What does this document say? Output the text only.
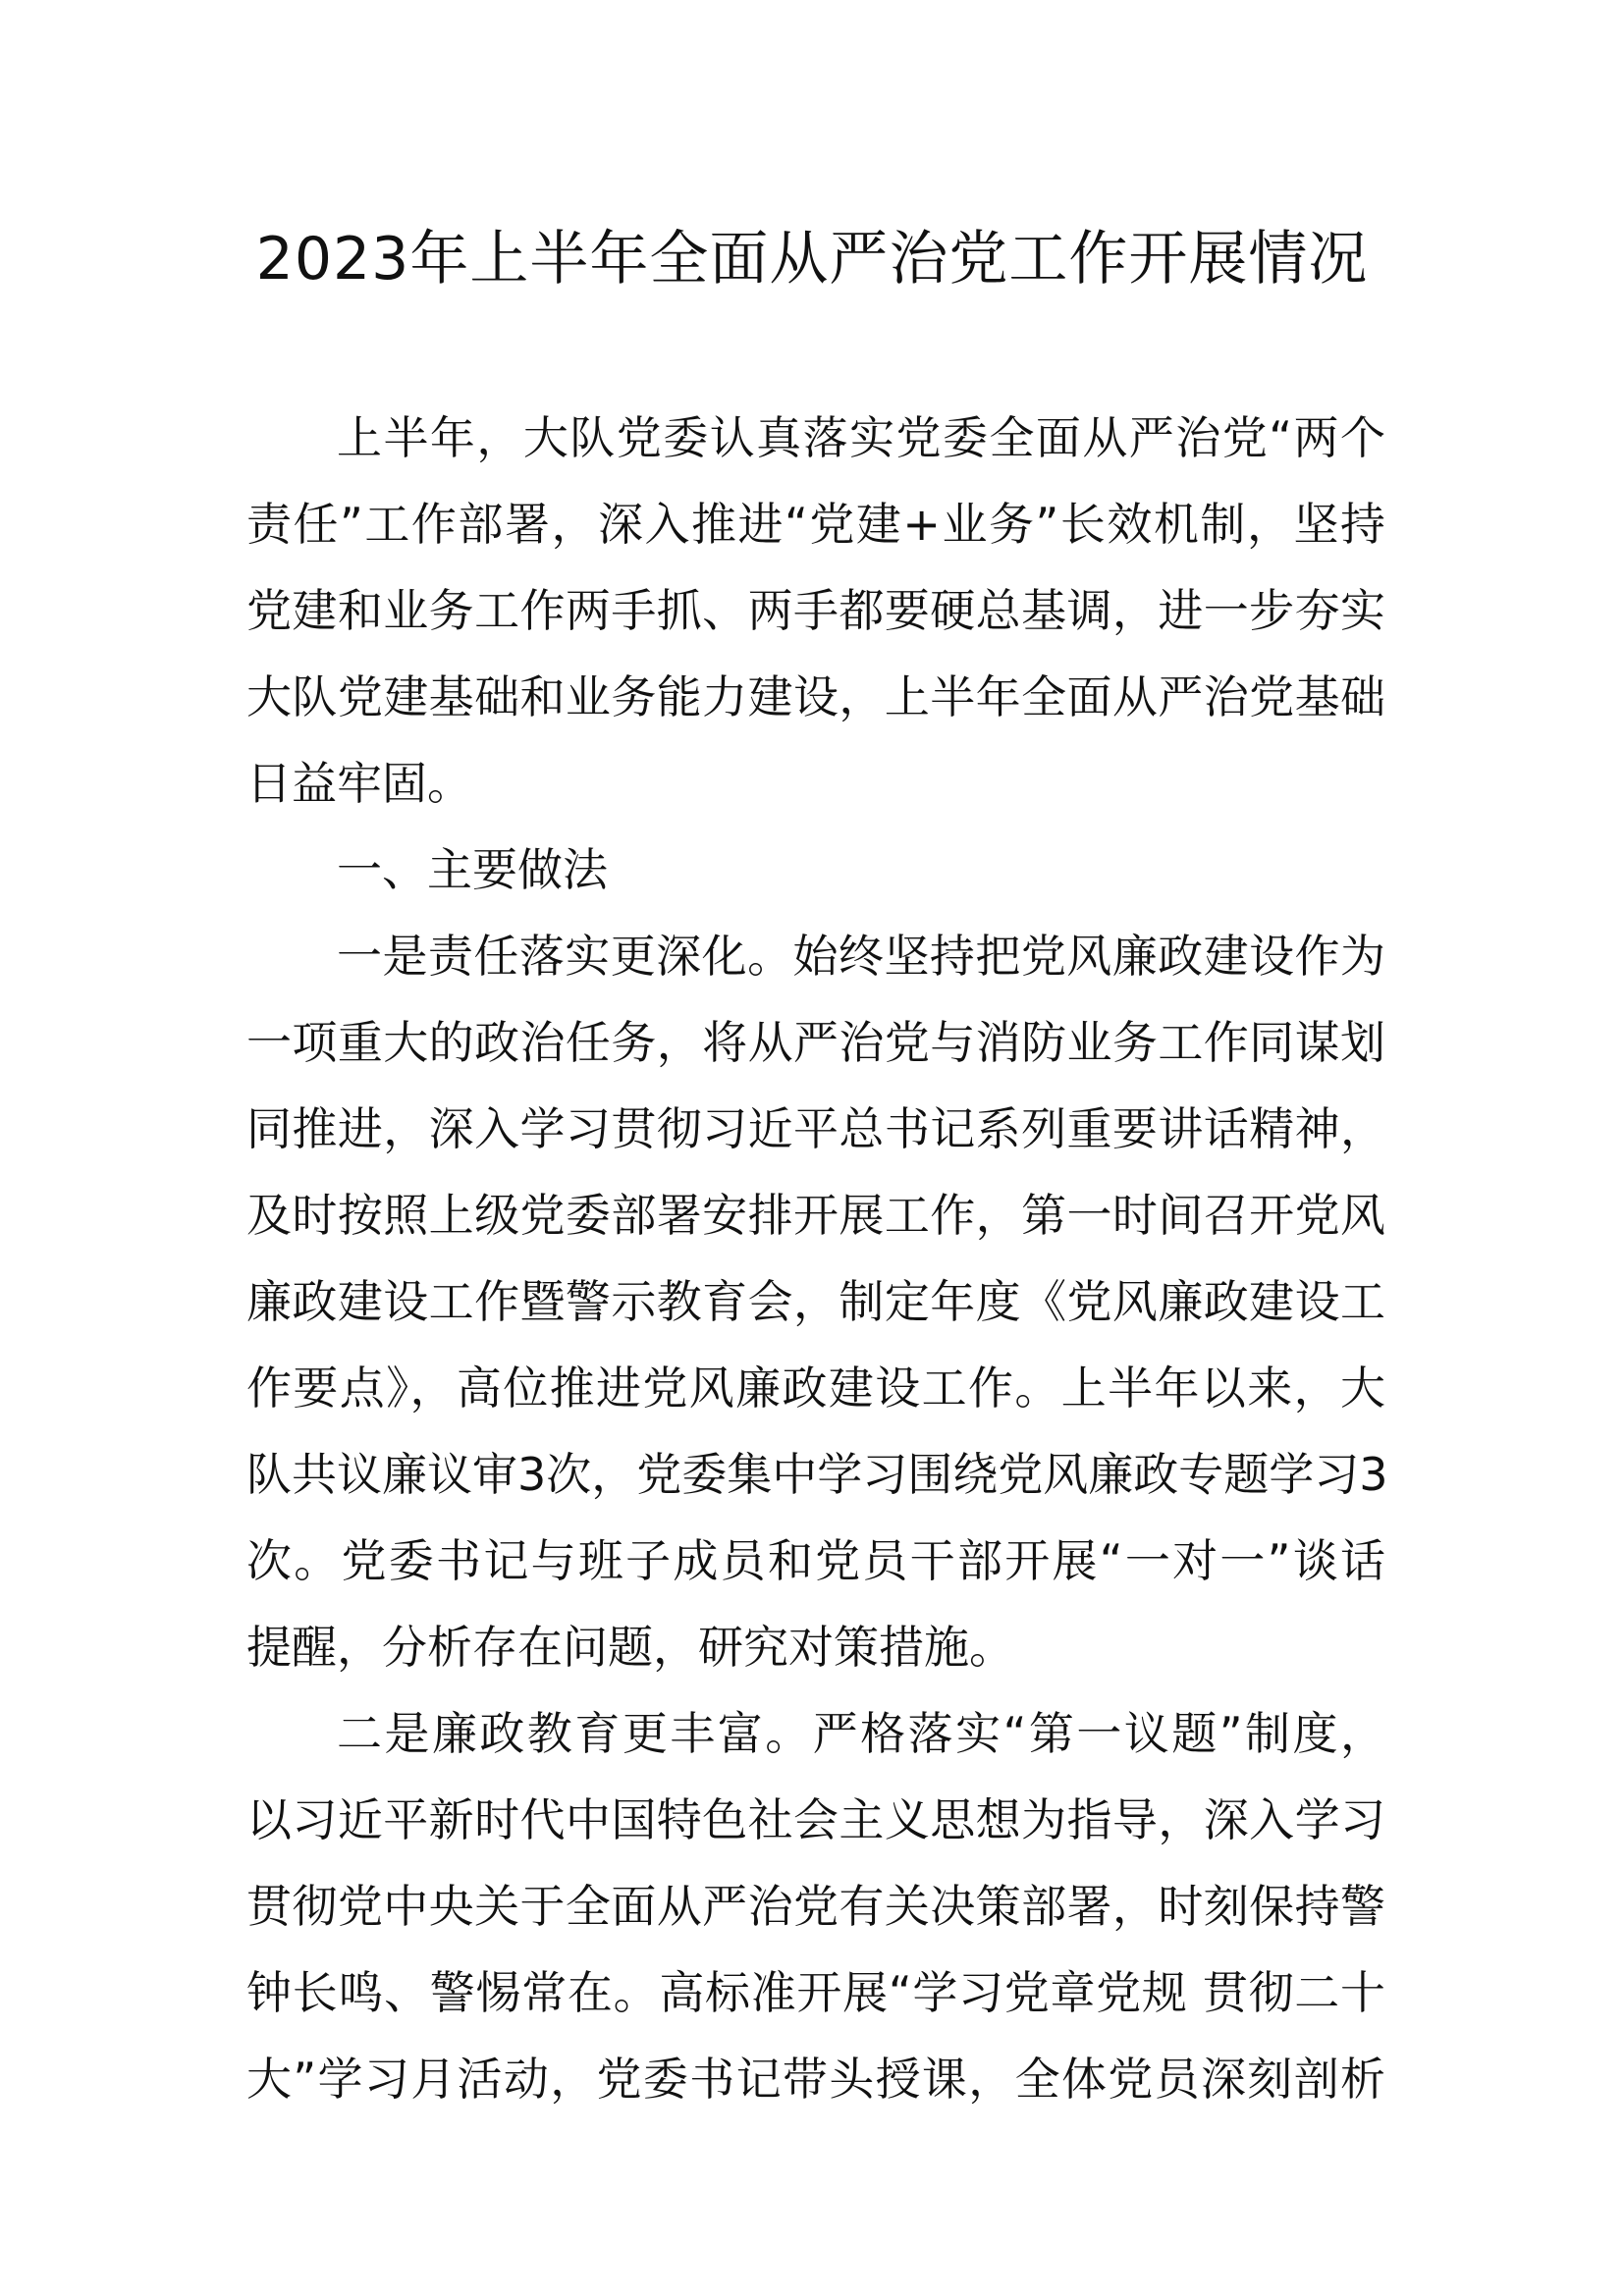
2023年上半年全面从严治党工作开展情况
上半年，大队党委认真落实党委全面从严治党“两个
责任”工作部署，深入推进“党建+业务”长效机制，坚持
党建和业务工作两手抓、两手都要硬总基调，进一步夯实
大队党建基础和业务能力建设，上半年全面从严治党基础
日益牢固。
一、主要做法
一是责任落实更深化。始终坚持把党风廉政建设作为
一项重大的政治任务，将从严治党与消防业务工作同谋划
同推进，深入学习贯彻习近平总书记系列重要讲话精神，
及时按照上级党委部署安排开展工作，第一时间召开党风
廉政建设工作暨警示教育会，制定年度《党风廉政建设工
作要点》，高位推进党风廉政建设工作。上半年以来，大
队共议廉议审3次，党委集中学习围绕党风廉政专题学习3
次。党委书记与班子成员和党员干部开展“一对一”谈话
提醒，分析存在问题，研究对策措施。
二是廉政教育更丰富。严格落实“第一议题”制度，
以习近平新时代中国特色社会主义思想为指导，深入学习
贯彻党中央关于全面从严治党有关决策部署，时刻保持警
钟长鸣、警惕常在。高标准开展“学习党章党规 贯彻二十
大”学习月活动，党委书记带头授课，全体党员深刻剖析
